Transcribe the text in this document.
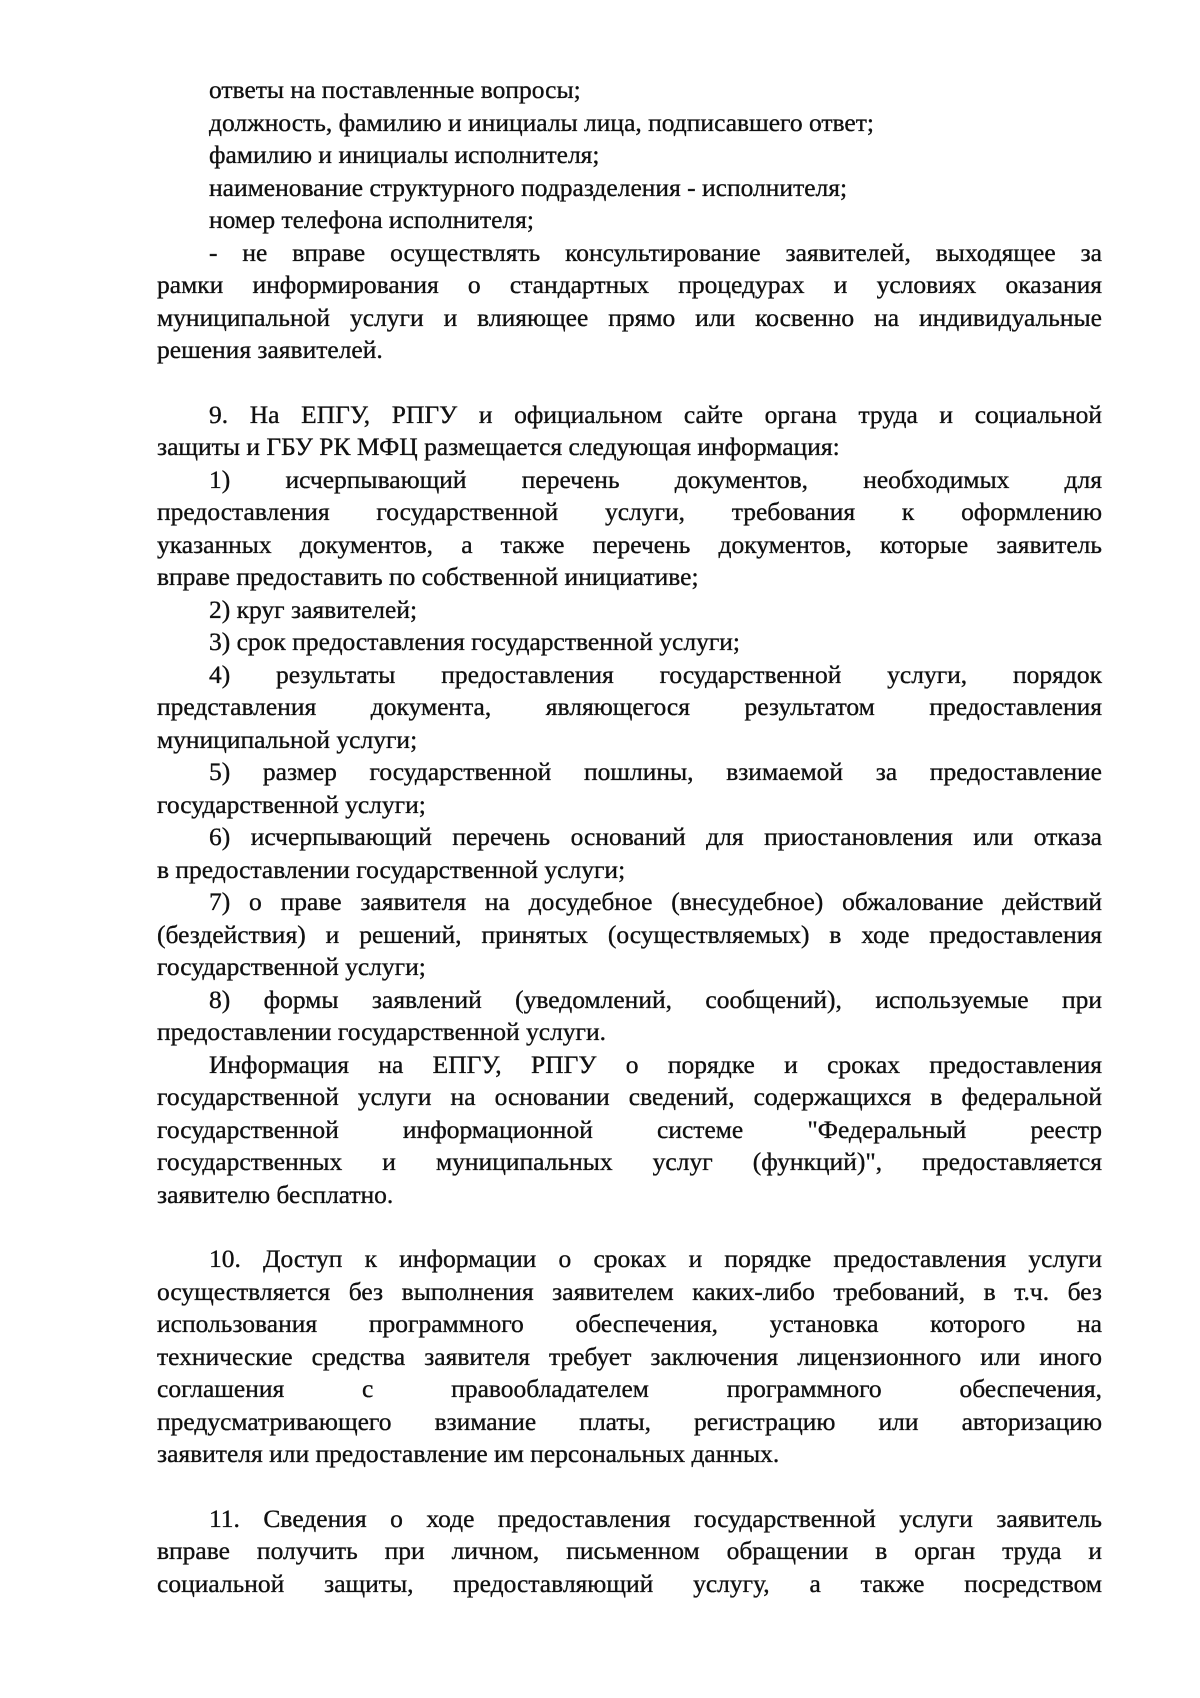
ответы на поставленные вопросы;
должность, фамилию и инициалы лица, подписавшего ответ;
фамилию и инициалы исполнителя;
наименование структурного подразделения - исполнителя;
номер телефона исполнителя;
- не вправе осуществлять консультирование заявителей, выходящее за
рамки информирования о стандартных процедурах и условиях оказания
муниципальной услуги и влияющее прямо или косвенно на индивидуальные
решения заявителей.
9. На ЕПГУ, РПГУ и официальном сайте органа труда и социальной
защиты и ГБУ РК МФЦ размещается следующая информация:
1) исчерпывающий перечень документов, необходимых для
предоставления государственной услуги, требования к оформлению
указанных документов, а также перечень документов, которые заявитель
вправе предоставить по собственной инициативе;
2) круг заявителей;
3) срок предоставления государственной услуги;
4) результаты предоставления государственной услуги, порядок
представления документа, являющегося результатом предоставления
муниципальной услуги;
5) размер государственной пошлины, взимаемой за предоставление
государственной услуги;
6) исчерпывающий перечень оснований для приостановления или отказа
в предоставлении государственной услуги;
7) о праве заявителя на досудебное (внесудебное) обжалование действий
(бездействия) и решений, принятых (осуществляемых) в ходе предоставления
государственной услуги;
8) формы заявлений (уведомлений, сообщений), используемые при
предоставлении государственной услуги.
Информация на ЕПГУ, РПГУ о порядке и сроках предоставления
государственной услуги на основании сведений, содержащихся в федеральной
государственной информационной системе "Федеральный реестр
государственных и муниципальных услуг (функций)", предоставляется
заявителю бесплатно.
10. Доступ к информации о сроках и порядке предоставления услуги
осуществляется без выполнения заявителем каких-либо требований, в т.ч. без
использования программного обеспечения, установка которого на
технические средства заявителя требует заключения лицензионного или иного
соглашения с правообладателем программного обеспечения,
предусматривающего взимание платы, регистрацию или авторизацию
заявителя или предоставление им персональных данных.
11. Сведения о ходе предоставления государственной услуги заявитель
вправе получить при личном, письменном обращении в орган труда и
социальной защиты, предоставляющий услугу, а также посредством
